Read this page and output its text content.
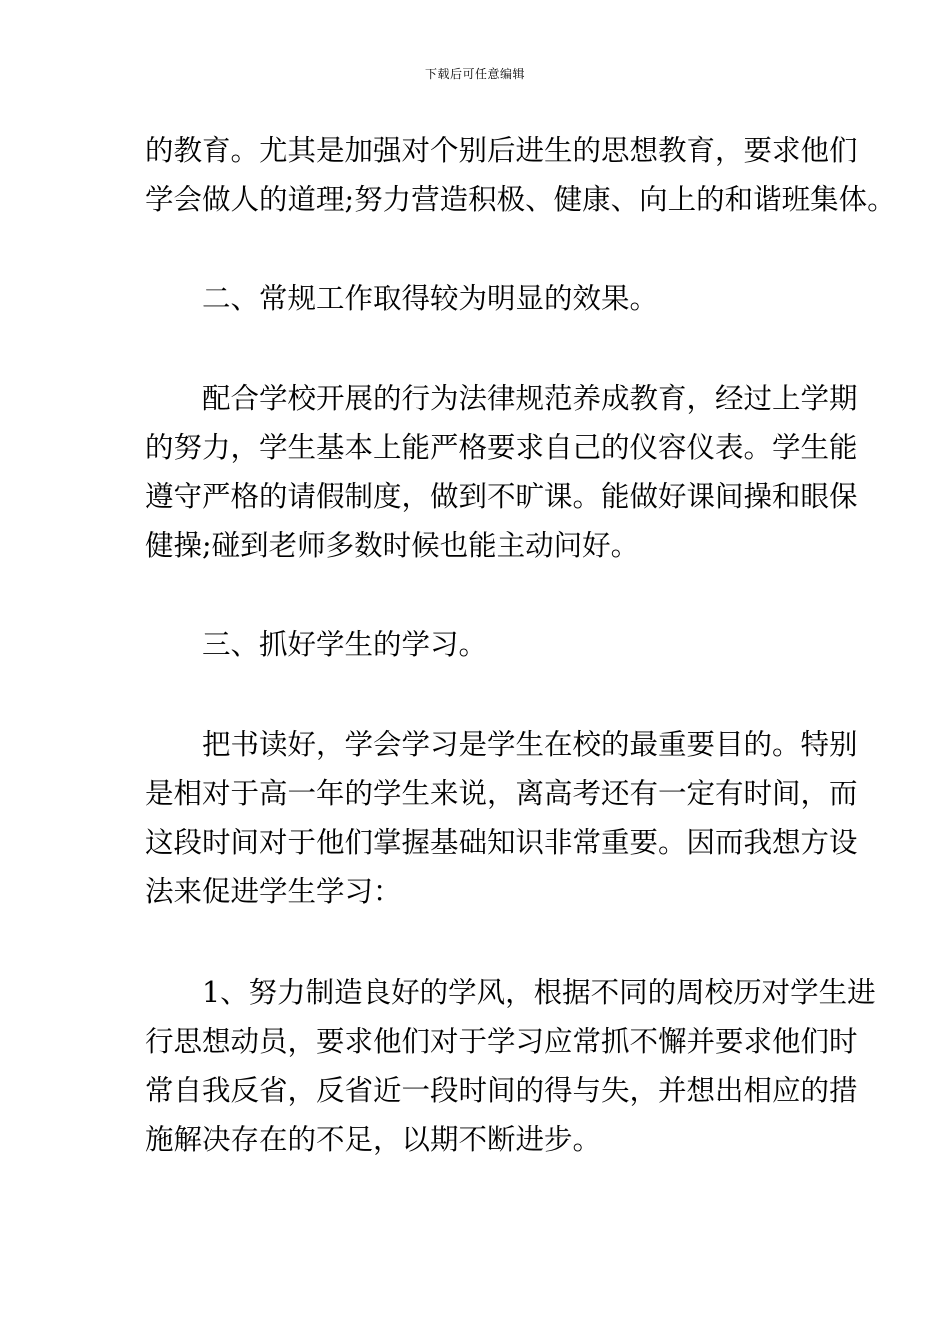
下载后可任意编辑
的教育。尤其是加强对个别后进生的思想教育，要求他们
学会做人的道理;努力营造积极、健康、向上的和谐班集体。
二、常规工作取得较为明显的效果。
配合学校开展的行为法律规范养成教育，经过上学期
的努力，学生基本上能严格要求自己的仪容仪表。学生能
遵守严格的请假制度，做到不旷课。能做好课间操和眼保
健操;碰到老师多数时候也能主动问好。
三、抓好学生的学习。
把书读好，学会学习是学生在校的最重要目的。特别
是相对于高一年的学生来说，离高考还有一定有时间，而
这段时间对于他们掌握基础知识非常重要。因而我想方设
法来促进学生学习：
1、努力制造良好的学风，根据不同的周校历对学生进
行思想动员，要求他们对于学习应常抓不懈并要求他们时
常自我反省，反省近一段时间的得与失，并想出相应的措
施解决存在的不足，以期不断进步。
